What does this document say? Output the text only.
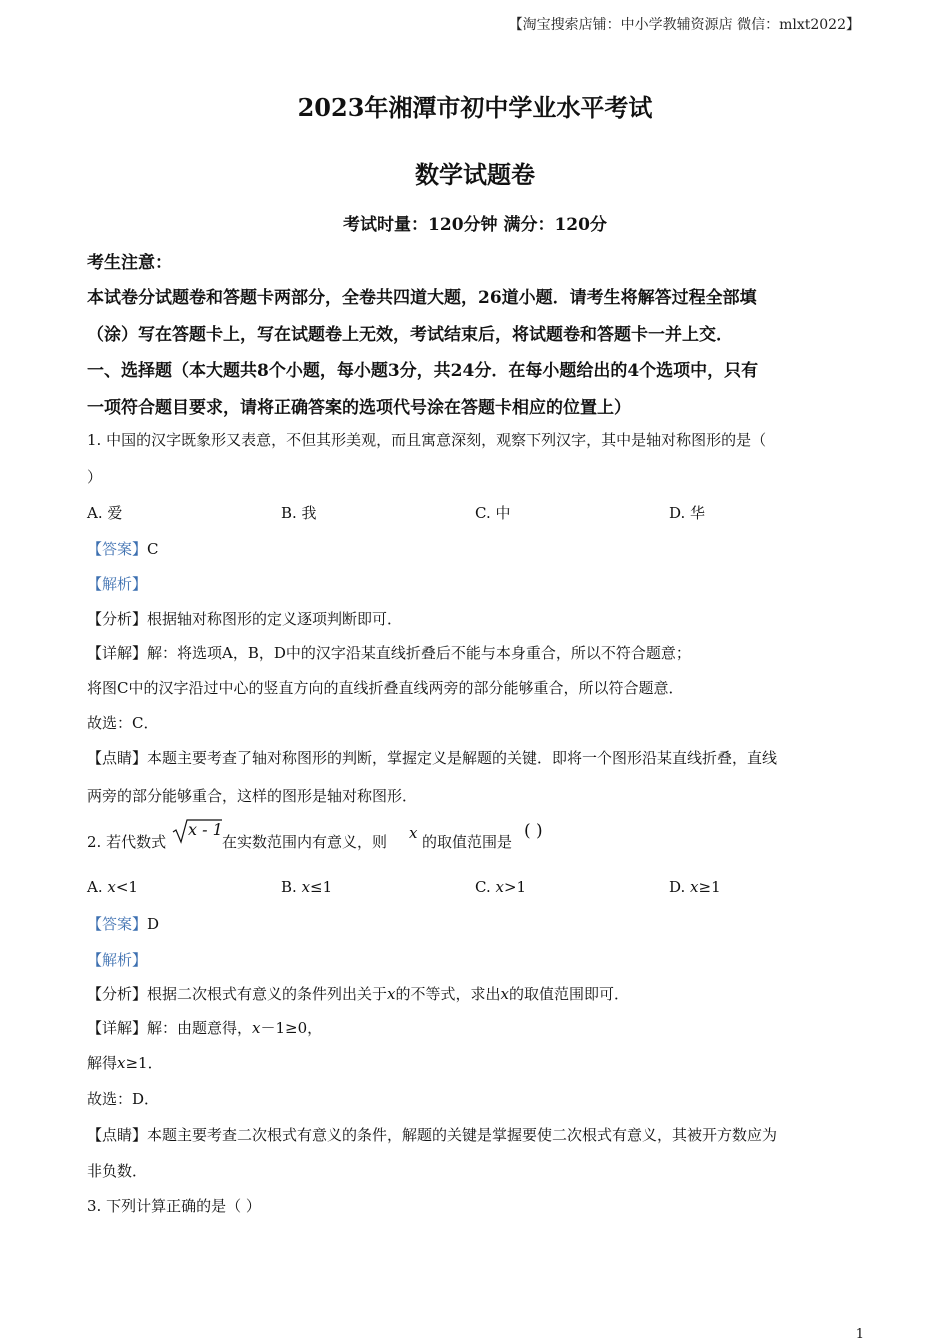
【淘宝搜索店铺：中小学教辅资源店 微信：mlxt2022】
2023年湘潭市初中学业水平考试
数学试题卷
考试时量：120分钟 满分：120分
考生注意：
本试卷分试题卷和答题卡两部分，全卷共四道大题，26道小题．请考生将解答过程全部填
（涂）写在答题卡上，写在试题卷上无效，考试结束后，将试题卷和答题卡一并上交．
一、选择题（本大题共8个小题，每小题3分，共24分．在每小题给出的4个选项中，只有
一项符合题目要求，请将正确答案的选项代号涂在答题卡相应的位置上）
1. 中国的汉字既象形又表意，不但其形美观，而且寓意深刻，观察下列汉字，其中是轴对称图形的是（
）
A. 爱	B. 我	C. 中	D. 华
【答案】C
【解析】
【分析】根据轴对称图形的定义逐项判断即可．
【详解】解：将选项A，B，D中的汉字沿某直线折叠后不能与本身重合，所以不符合题意；
将图C中的汉字沿过中心的竖直方向的直线折叠直线两旁的部分能够重合，所以符合题意．
故选：C．
【点睛】本题主要考查了轴对称图形的判断，掌握定义是解题的关键．即将一个图形沿某直线折叠，直线
两旁的部分能够重合，这样的图形是轴对称图形．
2. 若代数式
x - 1
在实数范围内有意义，则 x 的取值范围是
( )
A. x<1	B. x≤1	C. x>1	D. x≥1
【答案】D
【解析】
【分析】根据二次根式有意义的条件列出关于x的不等式，求出x的取值范围即可．
【详解】解：由题意得，x－1≥0，
解得x≥1．
故选：D．
【点睛】本题主要考查二次根式有意义的条件，解题的关键是掌握要使二次根式有意义，其被开方数应为
非负数．
3. 下列计算正确的是（ ）
1
